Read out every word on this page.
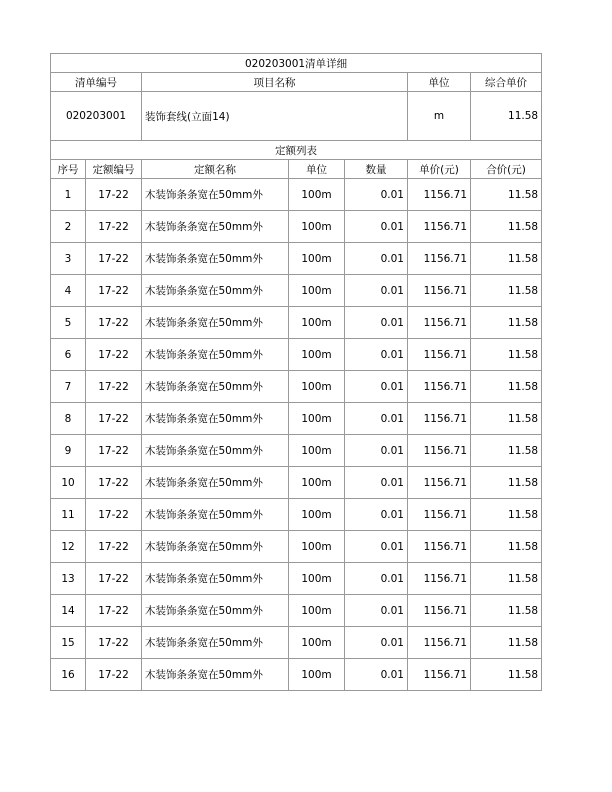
020203001清单详细						
清单编号		项目名称			单位	综合单价
020203001		装饰套线(立面14)			m	11.58
定额列表						
序号	定额编号	定额名称	单位	数量	单价(元)	合价(元)
1	17-22	木装饰条条宽在50mm外	100m	0.01	1156.71	11.58
2	17-22	木装饰条条宽在50mm外	100m	0.01	1156.71	11.58
3	17-22	木装饰条条宽在50mm外	100m	0.01	1156.71	11.58
4	17-22	木装饰条条宽在50mm外	100m	0.01	1156.71	11.58
5	17-22	木装饰条条宽在50mm外	100m	0.01	1156.71	11.58
6	17-22	木装饰条条宽在50mm外	100m	0.01	1156.71	11.58
7	17-22	木装饰条条宽在50mm外	100m	0.01	1156.71	11.58
8	17-22	木装饰条条宽在50mm外	100m	0.01	1156.71	11.58
9	17-22	木装饰条条宽在50mm外	100m	0.01	1156.71	11.58
10	17-22	木装饰条条宽在50mm外	100m	0.01	1156.71	11.58
11	17-22	木装饰条条宽在50mm外	100m	0.01	1156.71	11.58
12	17-22	木装饰条条宽在50mm外	100m	0.01	1156.71	11.58
13	17-22	木装饰条条宽在50mm外	100m	0.01	1156.71	11.58
14	17-22	木装饰条条宽在50mm外	100m	0.01	1156.71	11.58
15	17-22	木装饰条条宽在50mm外	100m	0.01	1156.71	11.58
16	17-22	木装饰条条宽在50mm外	100m	0.01	1156.71	11.58
